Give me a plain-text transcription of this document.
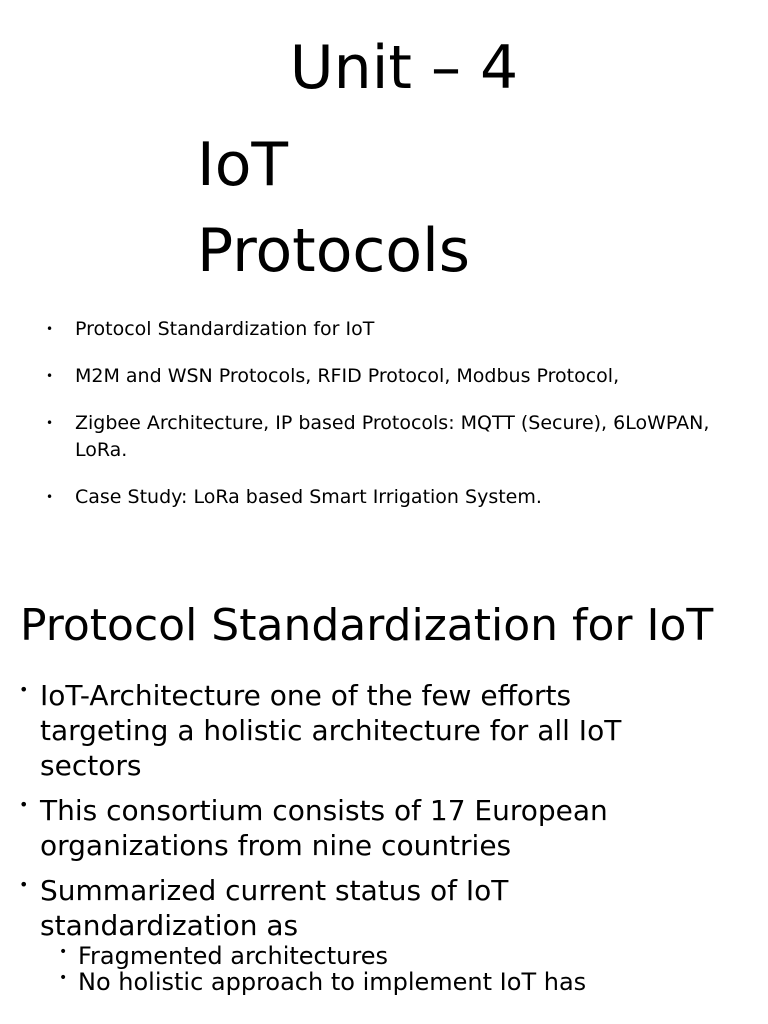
Unit – 4
IoT
Protocols
• Protocol Standardization for IoT
• M2M and WSN Protocols, RFID Protocol, Modbus Protocol,
• Zigbee Architecture, IP based Protocols: MQTT (Secure), 6LoWPAN, LoRa.
• Case Study: LoRa based Smart Irrigation System.
Protocol Standardization for IoT
• IoT-Architecture one of the few efforts targeting a holistic architecture for all IoT sectors
• This consortium consists of 17 European organizations from nine countries
• Summarized current status of IoT standardization as
• Fragmented architectures
• No holistic approach to implement IoT has
